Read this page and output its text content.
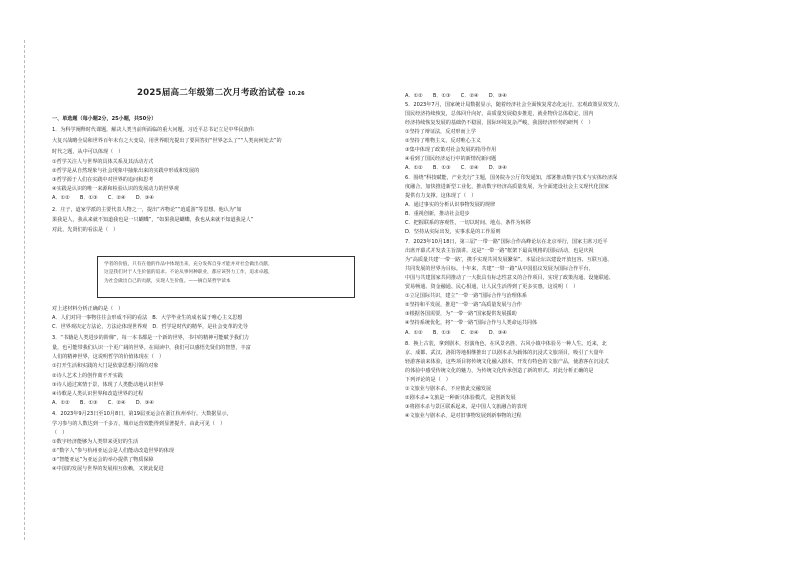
2025届高二年级第二次月考政治试卷 10.26
一、单选题（每小题2分，25小题，共50分）
1．为科学阐释时代课题，解决人类当前所面临的重大问题，习近平总书记立足中华民族伟
大复兴战略全局和世界百年未有之大变局，用世界眼光提出了要回答好“世界怎么了”“人类向何处去”的
时代之题，从中可以体现（　）
①哲学关注人与世界的具体关系及其活动方式
②哲学是从自然现象与社会现象中抽象出来的实践中形成和发展的
③哲学源于人们在实践中对世界的追问和思考
④实践是认识的唯一来源和检验认识的发展动力的世界观
A．①②　　B．①③　　C．②④　　D．③④
2．庄子，道家学派的主要代表人物之一，提出“齐物论”“逍遥游”等思想。他认为“如
果我是人，我从来就不知道我也是一只蝴蝶”，“如果我是蝴蝶，我也从来就不知道我是人”
对此，先贤们的看法是（　）
对上述材料分析正确的是（　）
A．人们对同一事物往往会形成不同的看法　B．大学毕业生的成名属于唯心主义思想
C．世界观决定方法论，方法论体现世界观　D．哲学是时代的精华，是社会变革的先导
3．“书籍是人类进步的阶梯”，每一本书都是一个新的世界，书中的精神可能赋予我们力
量，也可能带我们认识一个更广阔的世界。在阅读中，我们可以感悟先贤们的智慧，丰富
人们的精神世界，这说明哲学的价值体现在（　）
①打开生活和实践的大门是依靠思想引领的对象
②诗人艺术上的创作离不开实践
③诗人通过寓情于景，体现了人类能动地认识世界
④诗歌是人类认识世界和改造世界的过程
A．①②　　B．①③　　C．②④　　D．③④
4．2023年9月23日至10月8日，第19届亚运会在浙江杭州举行。大数据显示，
学习参与的人数达到一千多万，城市运营效能得到显著提升。由此可见（　）
（　）
①数字经济能够为人类带来更好的生活
②“数字人”参与杭州亚运会是人们能动改造世界的体现
③“智能亚运”为亚运会的举办提供了物质保障
④中国的发展与世界的发展相互依赖，又彼此促进
学者的价值，只有在他的作品中体现出来，充分发挥自身才能并对社会做出贡献，
这是我们对于人生价值的追求。不论从事何种职业，都应该努力工作，追求卓越，
为社会做出自己的贡献，实现人生价值。——摘自某哲学读本
A．①②　　B．①③　　C．②④　　D．③④
5．2023年7月，国家统计局数据显示，随着经济社会全面恢复常态化运行，宏观政策显效发力，
国民经济持续恢复，总体回升向好，高质量发展稳步推进，就业物价总体稳定，国内
经济持续恢复发展的基础仍不稳固，国际环境复杂严峻，我国经济形势的研判（　）
①坚持了辩证法，反对形而上学
②坚持了唯物主义，反对唯心主义
③集中体现了政策对社会发展的指导作用
④看到了国民经济运行中的新情况新问题
A．①②　　B．①③　　C．②④　　D．③④
6．围绕“科技赋能，产业先行”主题，国务院办公厅印发通知，部署推动数字技术与实体经济深
度融合，加快推进新型工业化，推动数字经济高质量发展，为全面建设社会主义现代化国家
提供有力支撑。这体现了（　）
A．通过事实的分析认识事物发展的规律
B．重视创新，推动社会进步
C．把握联系的客观性，一切以时间、地点、条件为转移
D．坚持从实际出发，实事求是的工作原则
7．2023年10月18日，第三届“一带一路”国际合作高峰论坛在北京举行，国家主席习近平
出席开幕式并发表主旨演讲。这是“一带一路”框架下最高规格的国际活动，也是庆祝
为“高质量共建‘一带一路’，携手实现共同发展繁荣”。本届论坛以建设开放包容、互联互通、
共同发展的世界为目标。十年来，共建“一带一路”从中国倡议发展为国际合作平台，
中国与共建国家共同推动了一大批具有标志性意义的合作项目，实现了政策沟通、设施联通、
贸易畅通、资金融通、民心相通，让人民生活得到了更多实惠。这说明（　）
①立足国际共识，建立“一带一路”国际合作与治理体系
②坚持和平发展，推进“一带一路”高质量发展与合作
③根据各国需要，为“一带一路”国家提供发展援助
④坚持系统优化，将“一带一路”国际合作与人类命运共同体
A．①②　　B．①③　　C．②④　　D．③④
8．换上古装，拿到剧本，扮演角色，在风景名胜，古风小镇中体验另一种人生。近来，北
京、成都、武汉、洛阳等地相继推出了以剧本杀为载体的沉浸式文旅项目，吸引了大量年
轻游客前来体验，这些项目将传统文化融入剧本，开发有特色的文旅产品，使游客在沉浸式
的体验中感受传统文化的魅力，为传统文化传承创造了新的形式。对此分析正确的是
下列评论的是（　）
①文旅业与剧本杀，不应彼此交融发展
②剧本杀+文旅是一种新兴体验模式，是创新发展
③将剧本杀与景区联系起来，是中国人文旅融合的表现
④文旅业与剧本杀，是对旧事物发展到新事物的过程
